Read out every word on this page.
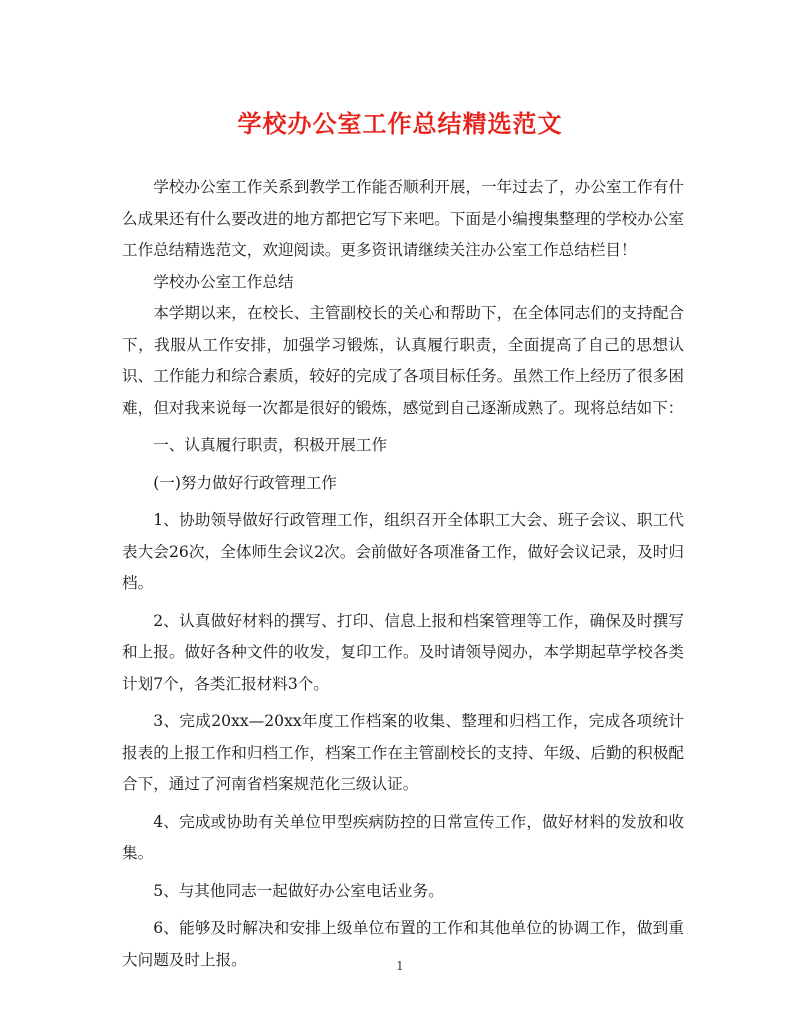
学校办公室工作总结精选范文

学校办公室工作关系到教学工作能否顺利开展，一年过去了，办公室工作有什么成果还有什么要改进的地方都把它写下来吧。下面是小编搜集整理的学校办公室工作总结精选范文，欢迎阅读。更多资讯请继续关注办公室工作总结栏目！

学校办公室工作总结

本学期以来，在校长、主管副校长的关心和帮助下，在全体同志们的支持配合下，我服从工作安排，加强学习锻炼，认真履行职责，全面提高了自己的思想认识、工作能力和综合素质，较好的完成了各项目标任务。虽然工作上经历了很多困难，但对我来说每一次都是很好的锻炼，感觉到自己逐渐成熟了。现将总结如下：

一、认真履行职责，积极开展工作

(一)努力做好行政管理工作

1、协助领导做好行政管理工作，组织召开全体职工大会、班子会议、职工代表大会26次，全体师生会议2次。会前做好各项准备工作，做好会议记录，及时归档。

2、认真做好材料的撰写、打印、信息上报和档案管理等工作，确保及时撰写和上报。做好各种文件的收发，复印工作。及时请领导阅办，本学期起草学校各类计划7个，各类汇报材料3个。

3、完成20xx—20xx年度工作档案的收集、整理和归档工作，完成各项统计报表的上报工作和归档工作，档案工作在主管副校长的支持、年级、后勤的积极配合下，通过了河南省档案规范化三级认证。

4、完成或协助有关单位甲型疾病防控的日常宣传工作，做好材料的发放和收集。

5、与其他同志一起做好办公室电话业务。

6、能够及时解决和安排上级单位布置的工作和其他单位的协调工作，做到重大问题及时上报。	1
